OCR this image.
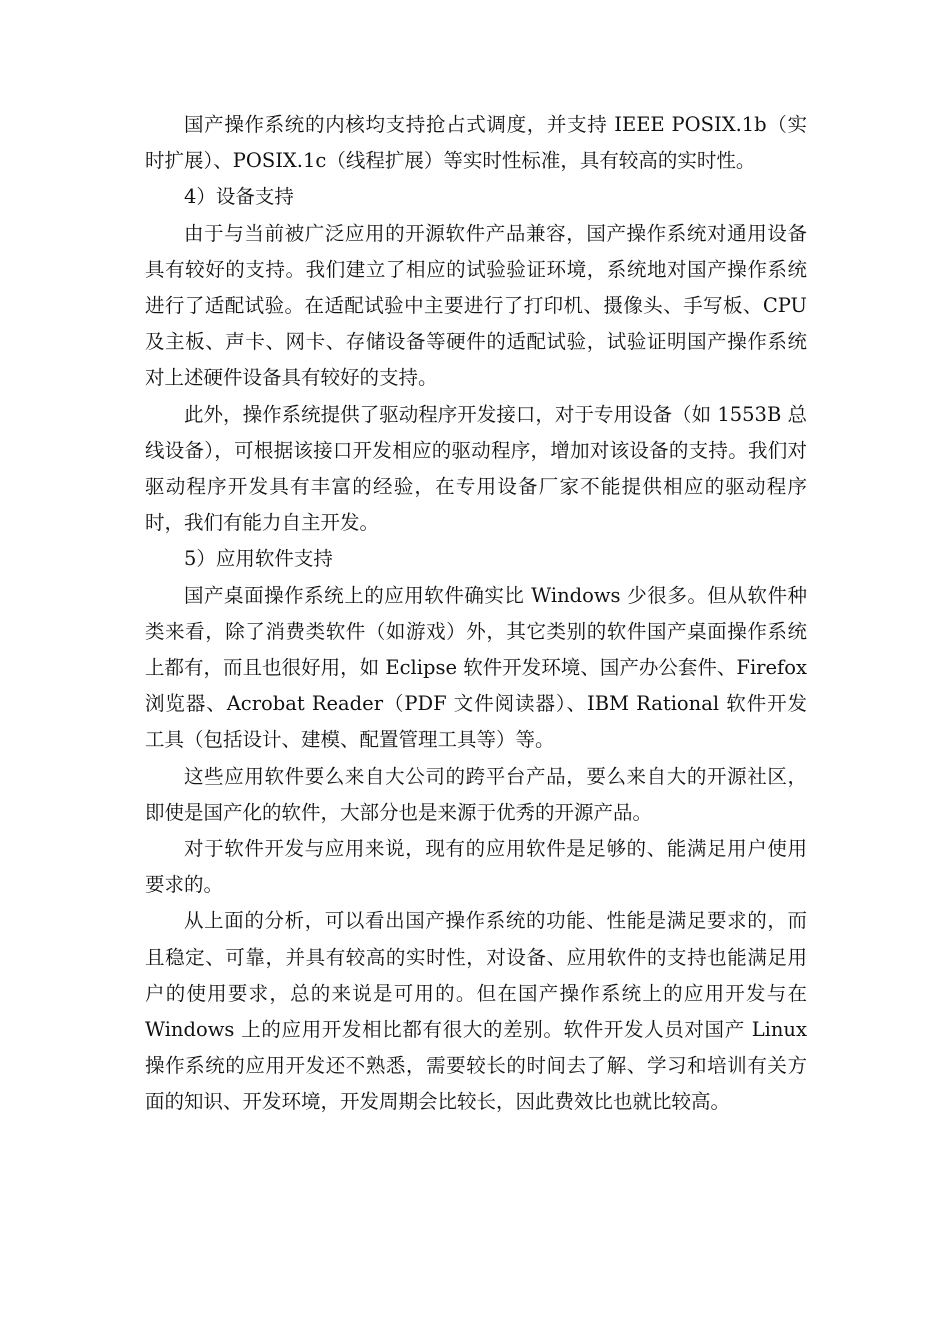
国产操作系统的内核均支持抢占式调度，并支持 IEEE POSIX.1b（实时扩展）、POSIX.1c（线程扩展）等实时性标准，具有较高的实时性。

4）设备支持

由于与当前被广泛应用的开源软件产品兼容，国产操作系统对通用设备具有较好的支持。我们建立了相应的试验验证环境，系统地对国产操作系统进行了适配试验。在适配试验中主要进行了打印机、摄像头、手写板、CPU 及主板、声卡、网卡、存储设备等硬件的适配试验，试验证明国产操作系统对上述硬件设备具有较好的支持。

此外，操作系统提供了驱动程序开发接口，对于专用设备（如 1553B 总线设备），可根据该接口开发相应的驱动程序，增加对该设备的支持。我们对驱动程序开发具有丰富的经验，在专用设备厂家不能提供相应的驱动程序时，我们有能力自主开发。

5）应用软件支持

国产桌面操作系统上的应用软件确实比 Windows 少很多。但从软件种类来看，除了消费类软件（如游戏）外，其它类别的软件国产桌面操作系统上都有，而且也很好用，如 Eclipse 软件开发环境、国产办公套件、Firefox 浏览器、Acrobat Reader（PDF 文件阅读器）、IBM Rational 软件开发工具（包括设计、建模、配置管理工具等）等。

这些应用软件要么来自大公司的跨平台产品，要么来自大的开源社区，即使是国产化的软件，大部分也是来源于优秀的开源产品。

对于软件开发与应用来说，现有的应用软件是足够的、能满足用户使用要求的。

从上面的分析，可以看出国产操作系统的功能、性能是满足要求的，而且稳定、可靠，并具有较高的实时性，对设备、应用软件的支持也能满足用户的使用要求，总的来说是可用的。但在国产操作系统上的应用开发与在 Windows 上的应用开发相比都有很大的差别。软件开发人员对国产 Linux 操作系统的应用开发还不熟悉，需要较长的时间去了解、学习和培训有关方面的知识、开发环境，开发周期会比较长，因此费效比也就比较高。
